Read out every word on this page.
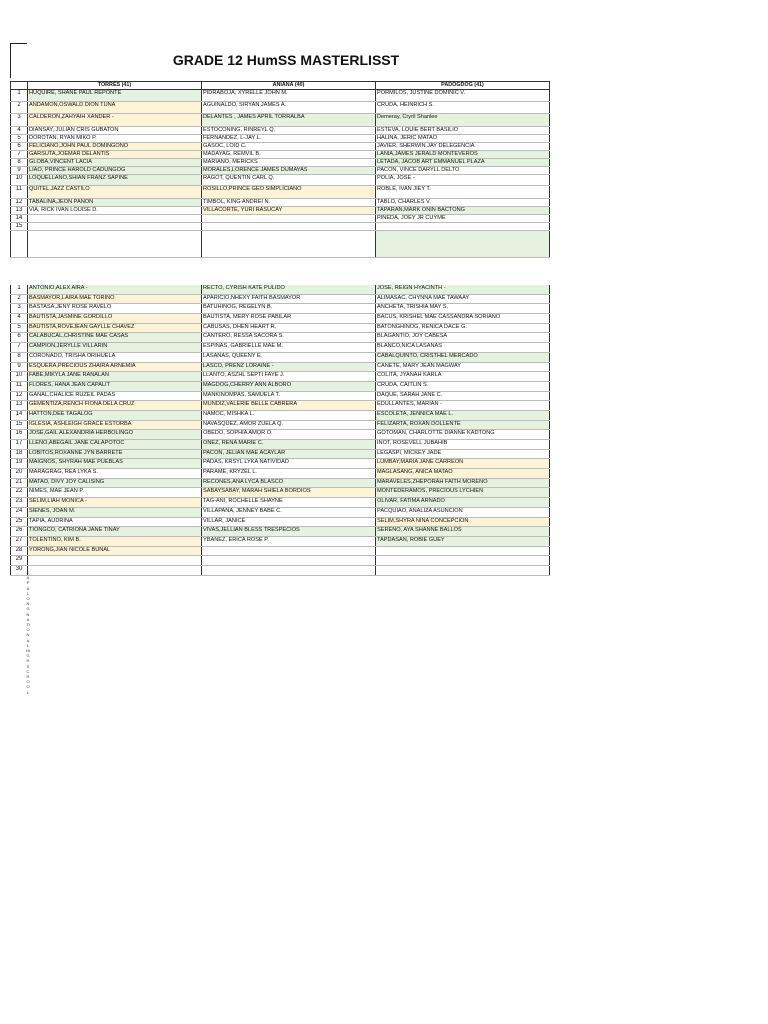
GRADE 12 HumSS MASTERLISST
	TORRES (41)	ANIANA (40)	PADOGDOG (41)
1	HUQUIRE, SHANE PAUL REPONTE	PIDRABOJA, XYRELLE JOHN M.	PORMILOS, JUSTINE DOMINIC V.
2	ANDAMON,OSWALD DION TUNA	AGUINALDO, SIRYAN JAMES A.	CRUDA, HEINRICH S.
3	CALDERON,ZAHYAIH XANDER -	DELANTES , JAMES APRIL TORRALBA	Demeray, Cryril Shanlee
4	DIANSAY, JULIAN CRIS GUBATON	ESTOCONING, RINREYL Q.	ESTEVA, LOUIE BERT BASILIO
5	DOROTAN, RYAN MIKO P.	FERNANDEZ, L-JAY L.	HALINA, JERIC MATAO
6	FELICIANO,JOHN PAUL DOMINGONO	GASOC, LOID C.	JAVIER, SHERWIN JAY DELEGENCIA
7	GARSUTA,JOEMAR DELANTIS	MADAYAG, REMVIL B.	LANIA,JAMES JERALD MONTEVEROS
8	GLOBA,VINCENT LACIA	MARIANO, MERICKS	LETADA, JACOB ART EMMANUEL PLAZA
9	LIAO, PRINCE HAROLD CADUNGOG	MORALES,LORENCE JAMES DUMAYAS	PACON, VINCE DARYLL DELTO
10	LOQUELLANO,SHIAN FRANZ SAPINE	RAGOT, QUENTIN CARL Q.	POLIA, JOSE -
11	QUITEL,JAZZ CASTILO	ROSILLO,PRINCE GEO SIMPLICIANO	ROBLE, IVAN JIEY T.
12	TABALINA,JEON PANON	TIMBOL, KING ANDREI N.	TABLO, CHARLES V.
13	VIA, RICK IVAN LOUISE D.	VILLACORTE, YURI RASUCAY	TAPARAN,MARK ONIN BACTONG
14			PINEDA, JOEY JR CUYME
15			

1	ANTONIO,ALEX AIRA -	RECTO, CYRISH KATE PULIDO	JOSE, REIGN HYACINTH -
2	BASMAYOR,LAIRA MAE TORINO	APARICIO,NHEXY FAITH BASMAYOR	ALIMASAC, CHYNNA MAE TAWAAY
3	BASTASA,JENY ROSE RAVELO	BATUHINOG, REGELYN B.	ANCHETA, TRISHIA MAY S.
4	BAUTISTA,JASMINE GORDILLO	BAUTISTA, MERY ROSE PABILAR	BACUS, KRISHEL MAE CASSANDRA SORIANO
5	BAUTISTA,ROVEJEAN GAYLLE CHAVEZ	CABUSAS, DHEN HEART R.	BATONGHINOG, RENICA DACE G.
6	CALABUCAL,CHRISTINE MAE CASAS	CANTERO, RESSA SACORA S.	BLAGANTIO, JOY CABESA
7	CAMPION,JERYLLE VILLARIN	ESPINAS, GABRIELLE MAE M.	BLANCO,NICA LASANAS
8	CORONADO, TRISHA ORIHUELA	LASANAS, QUEENY E.	CABALQUINTO, CRISTHEL MERCADO
9	ESQUERA,PRECIOUS ZHAIRA ARNEMIA	LASCO, PRENZ LORAINE -	CANETE, MARY JEAN MAGWAY
10	FABE,MIKYLA JANE RANALAN	LLANTO, ASZHL SEPTI FAYE J.	COLITA, JYANAH KARLA
11	FLORES, HANA JEAN CAPALIT	MAGDOG,CHERRY ANN ALBORO	CRUDA, CAITLIN S.
12	GANAL,CHALICE RUZEIL PADAS	MANKINOMPAS, SAMUELA T.	DAQUE, SARAH JANE C.
13	GEMENTIZA,RENCH FIONA DELA CRUZ	MUNDIZ,VALERIE BELLE CABRERA	EDULLANTES, MARIAN -
14	HATTON,DEE TAGALOG	NAMOC, MISHKA L.	ESCOLETA, JENNICA MAE L.
15	IGLESIA, ASHLEIGH GRACE ESTORBA	NAVASQUEZ, AMOR ZUELA Q.	FELIZARTA, ROXAN DOLLENTE
16	JOSE,GAIL ALEXANDRIA HERBOLINGO	OBEDO, SOPHIA AMOR O.	GOTOMAN, CHARLOTTE DIANNE KADTONG
17	LLENO,ABEGAIL JANE CALAPOTOC	ONEZ, RENA MARIE C.	INOT, ROSEVELL JUBAHIB
18	LOBITOS,ROXANNE JYN BARRETE	PACON, JELIAN MAE ACAYLAR	LEGASPI, MICKEY JADE
19	MAIGNOS, SHYRAH MAE PUEBLAS	PADAS, KRSYL LYKA NATIVIDAD	LUMBAY,MARIA JANE CARREON
20	MARAGRAG, REA LYKA S.	PARAME, KRYZEL L.	MAGLASANG, ANICA MATAO
21	MATAO, DIVY JOY CALISING	RECONES,ANA LYCA BLASCO	MARAVELES,ZHEPORAH FAITH MORENO
22	NIMES, MAE JEAN P.	SABAYSABAY, MARAH SHIELA BORDIOS	MONTEDERAMOS, PRECIOUS LYCHIEN
23	SELIM,LIAH MONICA -	TAG-ANI, ROCHELLE SHAYNE	OLIVAR, FATIMA ARNADO
24	SIENES, JOAN M.	VILLAPANA, JENNEY BABE C.	PACQUIAO, ANALIZA ASUNCION
25	TAPIA, AUDRINA	VILLAR, JANICE	SELIM,SHYRA NIÑA CONCEPCION
26	TIONGCO, CATRIONA JANE TINAY	VIVAS,JELLIAN BLESS TRESPECIOS	SEREÑO, AYA SHANNE BALLOS
27	TOLENTINO, KIM B.	YBANEZ, ERICA ROSE P.	TAPDASAN, ROBIE GUEY
28	YORONG,JIAN NICOLE BUNAL		
29			
30			
KAPALONG NATIONAL HIGH SCHOOL
